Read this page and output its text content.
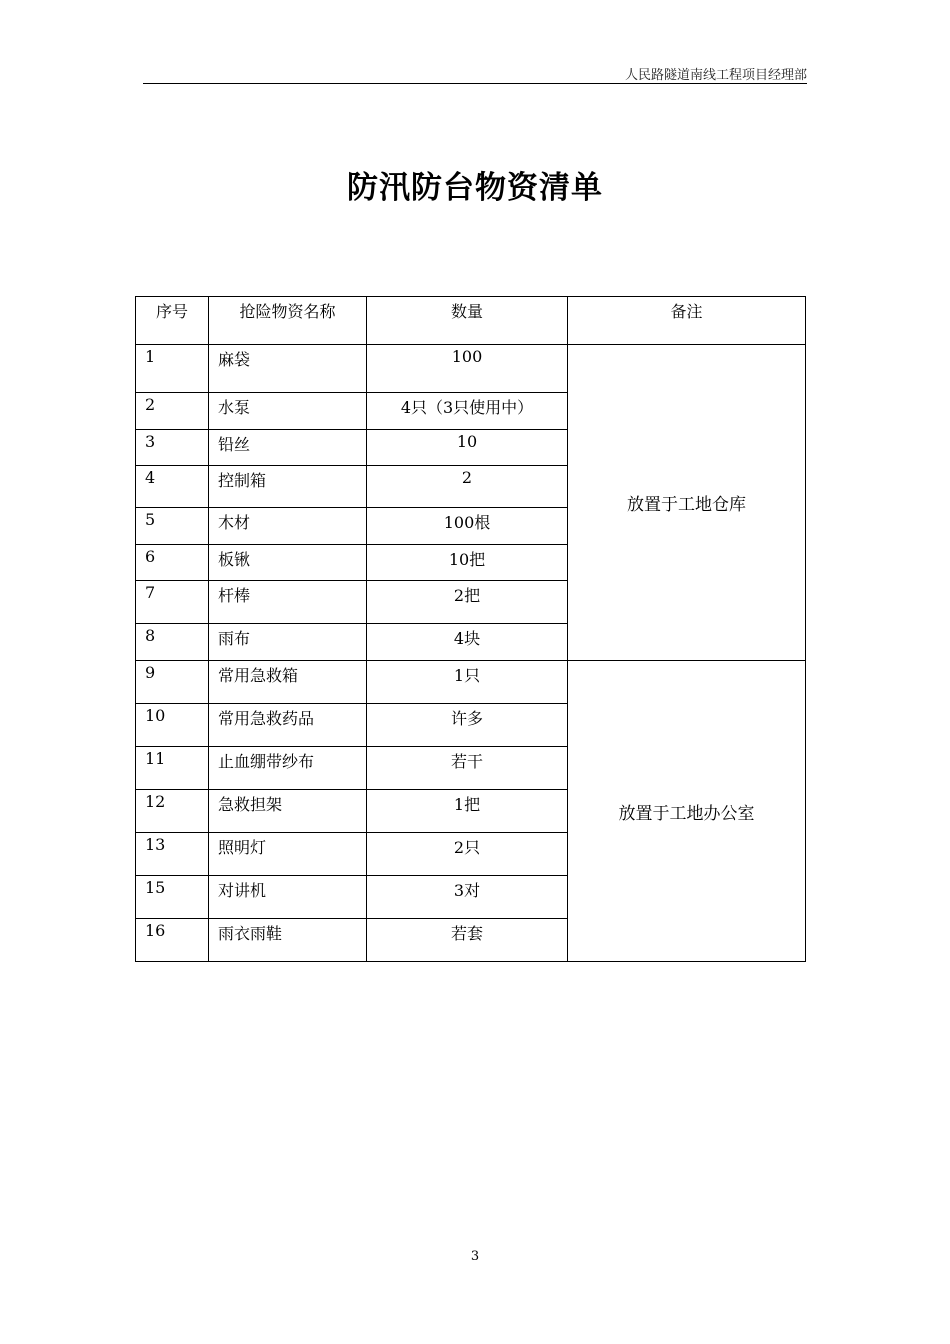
人民路隧道南线工程项目经理部
防汛防台物资清单
序号	抢险物资名称	数量	备注
1	麻袋	100	放置于工地仓库
2	水泵	4只（3只使用中）	
3	铅丝	10	
4	控制箱	2	
5	木材	100根	
6	板锹	10把	
7	杆棒	2把	
8	雨布	4块	
9	常用急救箱	1只	放置于工地办公室
10	常用急救药品	许多	
11	止血绷带纱布	若干	
12	急救担架	1把	
13	照明灯	2只	
15	对讲机	3对	
16	雨衣雨鞋	若套	
3
